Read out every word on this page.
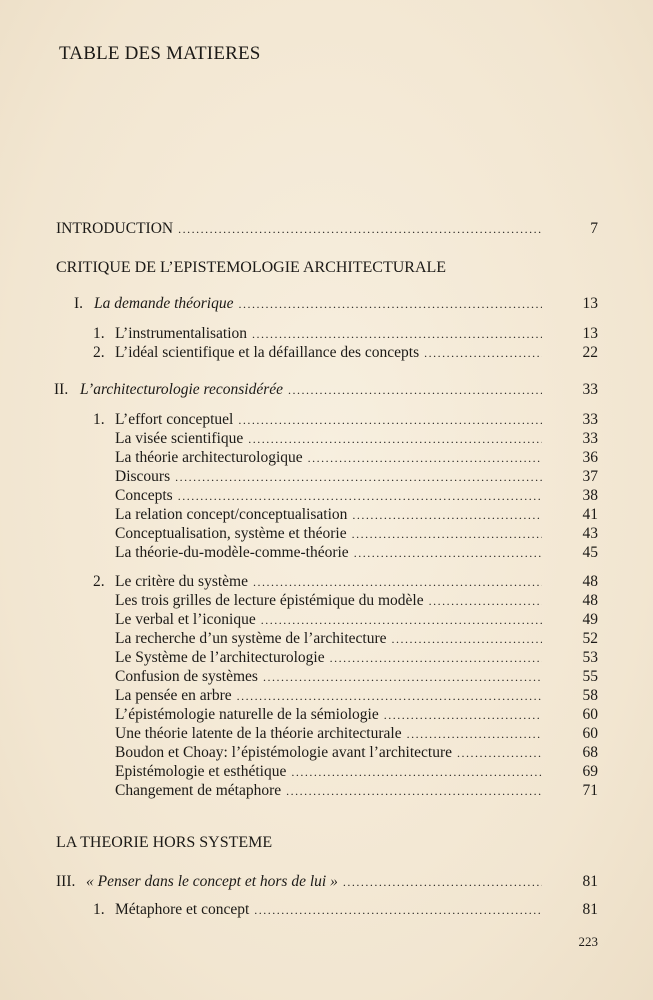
TABLE DES MATIERES
INTRODUCTION .....	7
CRITIQUE DE L’EPISTEMOLOGIE ARCHITECTURALE
I. La demande théorique .....	13
1. L’instrumentalisation .....	13
2. L’idéal scientifique et la défaillance des concepts .....	22
II. L’architecturologie reconsidérée .....	33
1. L’effort conceptuel .....	33
La visée scientifique .....	33
La théorie architecturologique .....	36
Discours .....	37
Concepts .....	38
La relation concept/conceptualisation .....	41
Conceptualisation, système et théorie .....	43
La théorie-du-modèle-comme-théorie .....	45
2. Le critère du système .....	48
Les trois grilles de lecture épistémique du modèle .....	48
Le verbal et l’iconique .....	49
La recherche d’un système de l’architecture .....	52
Le Système de l’architecturologie .....	53
Confusion de systèmes .....	55
La pensée en arbre .....	58
L’épistémologie naturelle de la sémiologie .....	60
Une théorie latente de la théorie architecturale .....	60
Boudon et Choay: l’épistémologie avant l’architecture .....	68
Epistémologie et esthétique .....	69
Changement de métaphore .....	71
LA THEORIE HORS SYSTEME
III. « Penser dans le concept et hors de lui » .....	81
1. Métaphore et concept .....	81
223
